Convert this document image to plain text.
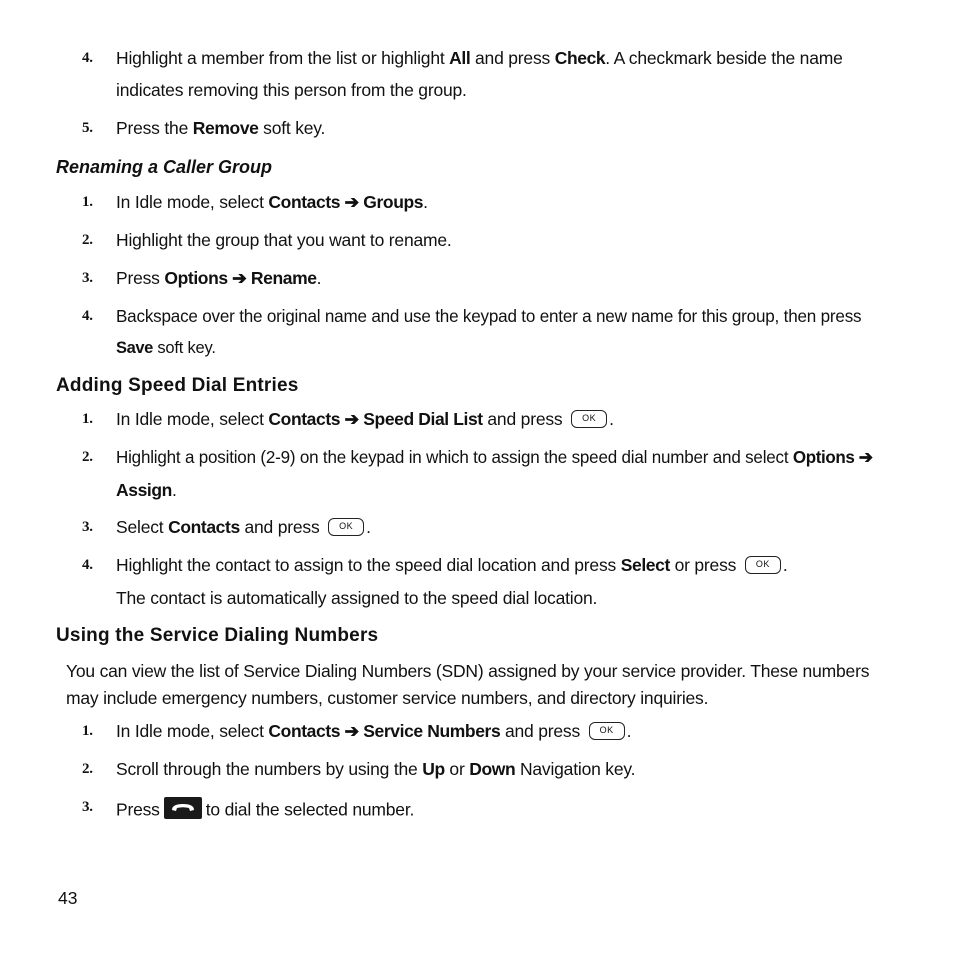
4. Highlight a member from the list or highlight All and press Check. A checkmark beside the name
indicates removing this person from the group.
5. Press the Remove soft key.
Renaming a Caller Group
1. In Idle mode, select Contacts ➔ Groups.
2. Highlight the group that you want to rename.
3. Press Options ➔ Rename.
4. Backspace over the original name and use the keypad to enter a new name for this group, then press
Save soft key.
Adding Speed Dial Entries
1. In Idle mode, select Contacts ➔ Speed Dial List and press OK .
2. Highlight a position (2-9) on the keypad in which to assign the speed dial number and select Options ➔
Assign.
3. Select Contacts and press OK .
4. Highlight the contact to assign to the speed dial location and press Select or press OK .
The contact is automatically assigned to the speed dial location.
Using the Service Dialing Numbers
You can view the list of Service Dialing Numbers (SDN) assigned by your service provider. These numbers
may include emergency numbers, customer service numbers, and directory inquiries.
1. In Idle mode, select Contacts ➔ Service Numbers and press OK .
2. Scroll through the numbers by using the Up or Down Navigation key.
3. Press	to dial the selected number.
43
